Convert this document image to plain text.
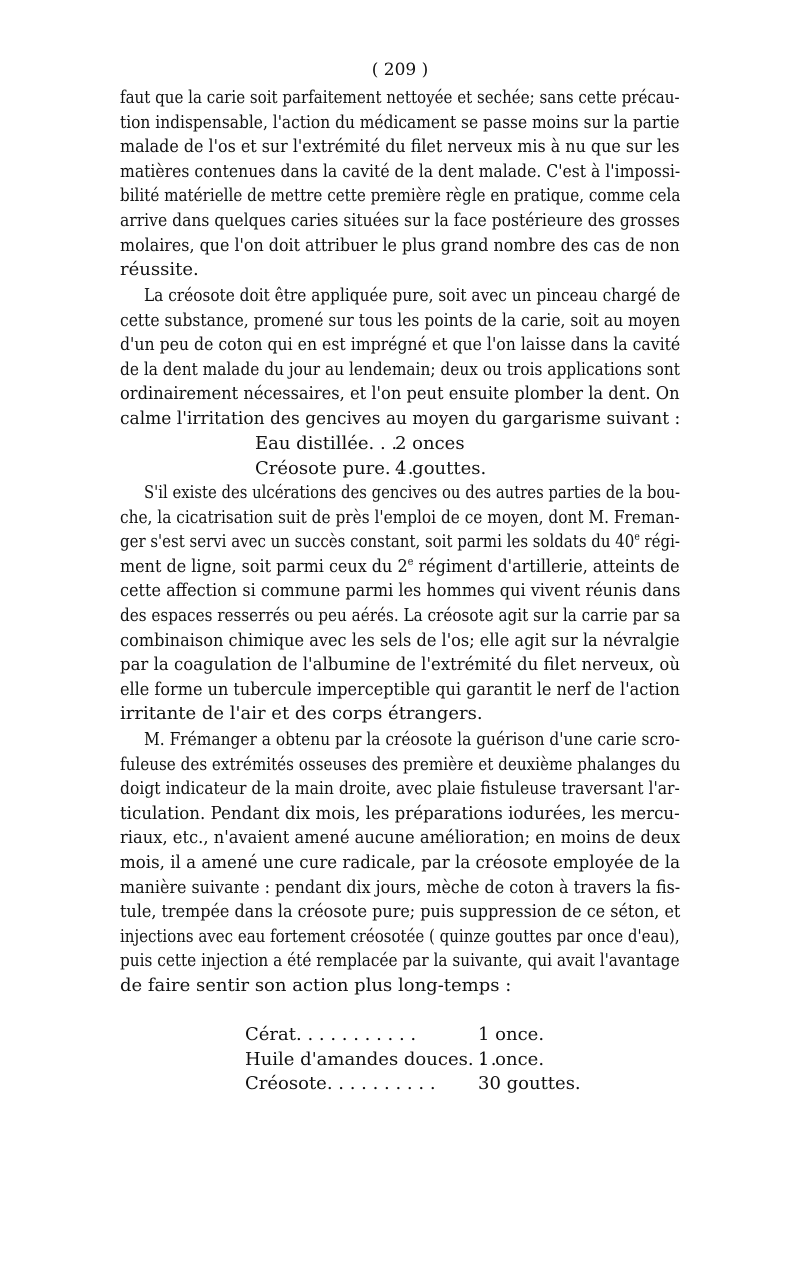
( 209 )
faut que la carie soit parfaitement nettoyée et sechée; sans cette précau-
tion indispensable, l'action du médicament se passe moins sur la partie
malade de l'os et sur l'extrémité du filet nerveux mis à nu que sur les
matières contenues dans la cavité de la dent malade. C'est à l'impossi-
bilité matérielle de mettre cette première règle en pratique, comme cela
arrive dans quelques caries situées sur la face postérieure des grosses
molaires, que l'on doit attribuer le plus grand nombre des cas de non
réussite.
La créosote doit être appliquée pure, soit avec un pinceau chargé de
cette substance, promené sur tous les points de la carie, soit au moyen
d'un peu de coton qui en est imprégné et que l'on laisse dans la cavité
de la dent malade du jour au lendemain; deux ou trois applications sont
ordinairement nécessaires, et l'on peut ensuite plomber la dent. On
calme l'irritation des gencives au moyen du gargarisme suivant :
Eau distillée. . .
2 onces
Créosote pure. . .
4 gouttes.
S'il existe des ulcérations des gencives ou des autres parties de la bou-
che, la cicatrisation suit de près l'emploi de ce moyen, dont M. Freman-
ger s'est servi avec un succès constant, soit parmi les soldats du 40e régi-
ment de ligne, soit parmi ceux du 2e régiment d'artillerie, atteints de
cette affection si commune parmi les hommes qui vivent réunis dans
des espaces resserrés ou peu aérés. La créosote agit sur la carrie par sa
combinaison chimique avec les sels de l'os; elle agit sur la névralgie
par la coagulation de l'albumine de l'extrémité du filet nerveux, où
elle forme un tubercule imperceptible qui garantit le nerf de l'action
irritante de l'air et des corps étrangers.
M. Frémanger a obtenu par la créosote la guérison d'une carie scro-
fuleuse des extrémités osseuses des première et deuxième phalanges du
doigt indicateur de la main droite, avec plaie fistuleuse traversant l'ar-
ticulation. Pendant dix mois, les préparations iodurées, les mercu-
riaux, etc., n'avaient amené aucune amélioration; en moins de deux
mois, il a amené une cure radicale, par la créosote employée de la
manière suivante : pendant dix jours, mèche de coton à travers la fis-
tule, trempée dans la créosote pure; puis suppression de ce séton, et
injections avec eau fortement créosotée ( quinze gouttes par once d'eau),
puis cette injection a été remplacée par la suivante, qui avait l'avantage
de faire sentir son action plus long-temps :
Cérat. . . . . . . . . . .	1 once.
Huile d'amandes douces. . .
1 once.
Créosote. . . . . . . . . . 30 gouttes.
